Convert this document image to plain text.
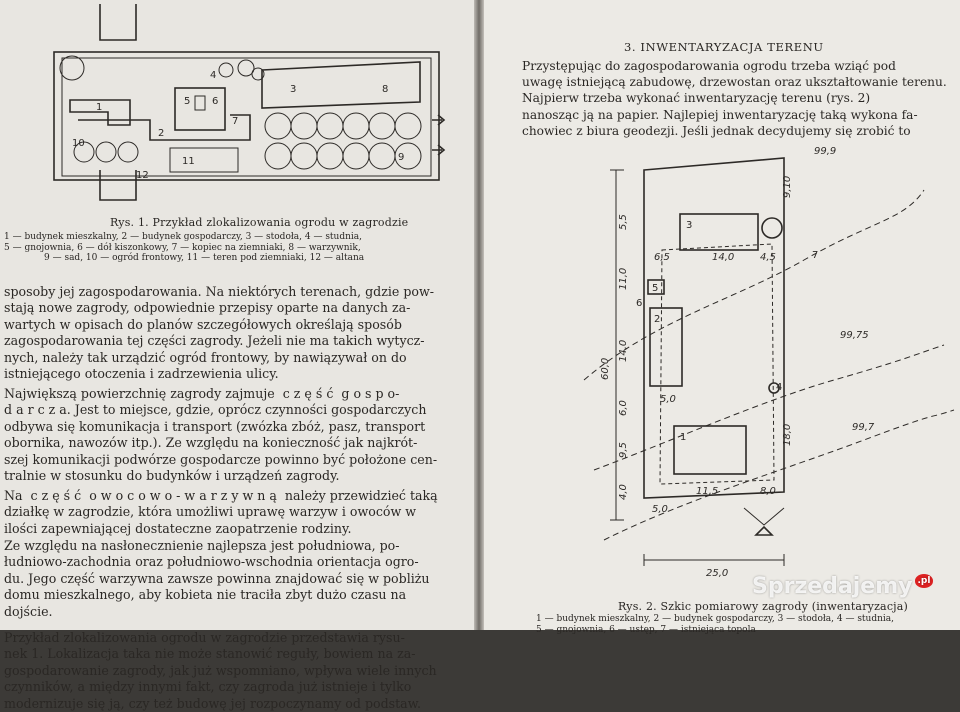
1
2
3
4
5 6
7
8
9
10
11
12
Rys. 1. Przykład zlokalizowania ogrodu w zagrodzie
1 — budynek mieszkalny, 2 — budynek gospodarczy, 3 — stodoła, 4 — studnia,
5 — gnojownia, 6 — dół kiszonkowy, 7 — kopiec na ziemniaki, 8 — warzywnik,
9 — sad, 10 — ogród frontowy, 11 — teren pod ziemniaki, 12 — altana
sposoby jej zagospodarowania. Na niektórych terenach, gdzie pow-
stają nowe zagrody, odpowiednie przepisy oparte na danych za-
wartych w opisach do planów szczegółowych określają sposób
zagospodarowania tej części zagrody. Jeżeli nie ma takich wytycz-
nych, należy tak urządzić ogród frontowy, by nawiązywał on do
istniejącego otoczenia i zadrzewienia ulicy.
Największą powierzchnię zagrody zajmuje  c z ę ś ć  g o s p o-
d a r c z a. Jest to miejsce, gdzie, oprócz czynności gospodarczych
odbywa się komunikacja i transport (zwózka zbóż, pasz, transport
obornika, nawozów itp.). Ze względu na konieczność jak najkrót-
szej komunikacji podwórze gospodarcze powinno być położone cen-
tralnie w stosunku do budynków i urządzeń zagrody.
Na  c z ę ś ć  o w o c o w o - w a r z y w n ą  należy przewidzieć taką
działkę w zagrodzie, która umożliwi uprawę warzyw i owoców w
ilości zapewniającej dostateczne zaopatrzenie rodziny.
Ze względu na nasłonecznienie najlepsza jest południowa, po-
łudniowo-zachodnia oraz południowo-wschodnia orientacja ogro-
du. Jego część warzywna zawsze powinna znajdować się w pobliżu
domu mieszkalnego, aby kobieta nie traciła zbyt dużo czasu na
dojście.
Przykład zlokalizowania ogrodu w zagrodzie przedstawia rysu-
nek 1. Lokalizacja taka nie może stanowić reguły, bowiem na za-
gospodarowanie zagrody, jak już wspomniano, wpływa wiele innych
czynników, a między innymi fakt, czy zagroda już istnieje i tylko
modernizuje się ją, czy też budowę jej rozpoczynamy od podstaw.
3. INWENTARYZACJA TERENU
Przystępując do zagospodarowania ogrodu trzeba wziąć pod
uwagę istniejącą zabudowę, drzewostan oraz ukształtowanie terenu.
Najpierw trzeba wykonać inwentaryzację terenu (rys. 2)
nanosząc ją na papier. Najlepiej inwentaryzację taką wykona fa-
chowiec z biura geodezji. Jeśli jednak decydujemy się zrobić to
9,10
5,5
11,0
6,5	14,0	4,5
14,0
60,0
6,0
5,0
9,5
18,0
4,0	11,5	8,0
5,0
25,0
99,9
99,75
99,7
1
2
3
4
5
6
7
Rys. 2. Szkic pomiarowy zagrody (inwentaryzacja)
1 — budynek mieszkalny, 2 — budynek gospodarczy, 3 — stodoła, 4 — studnia,
5 — gnojownia, 6 — ustęp, 7 — istniejąca topola
Sprzedajemy .pl
